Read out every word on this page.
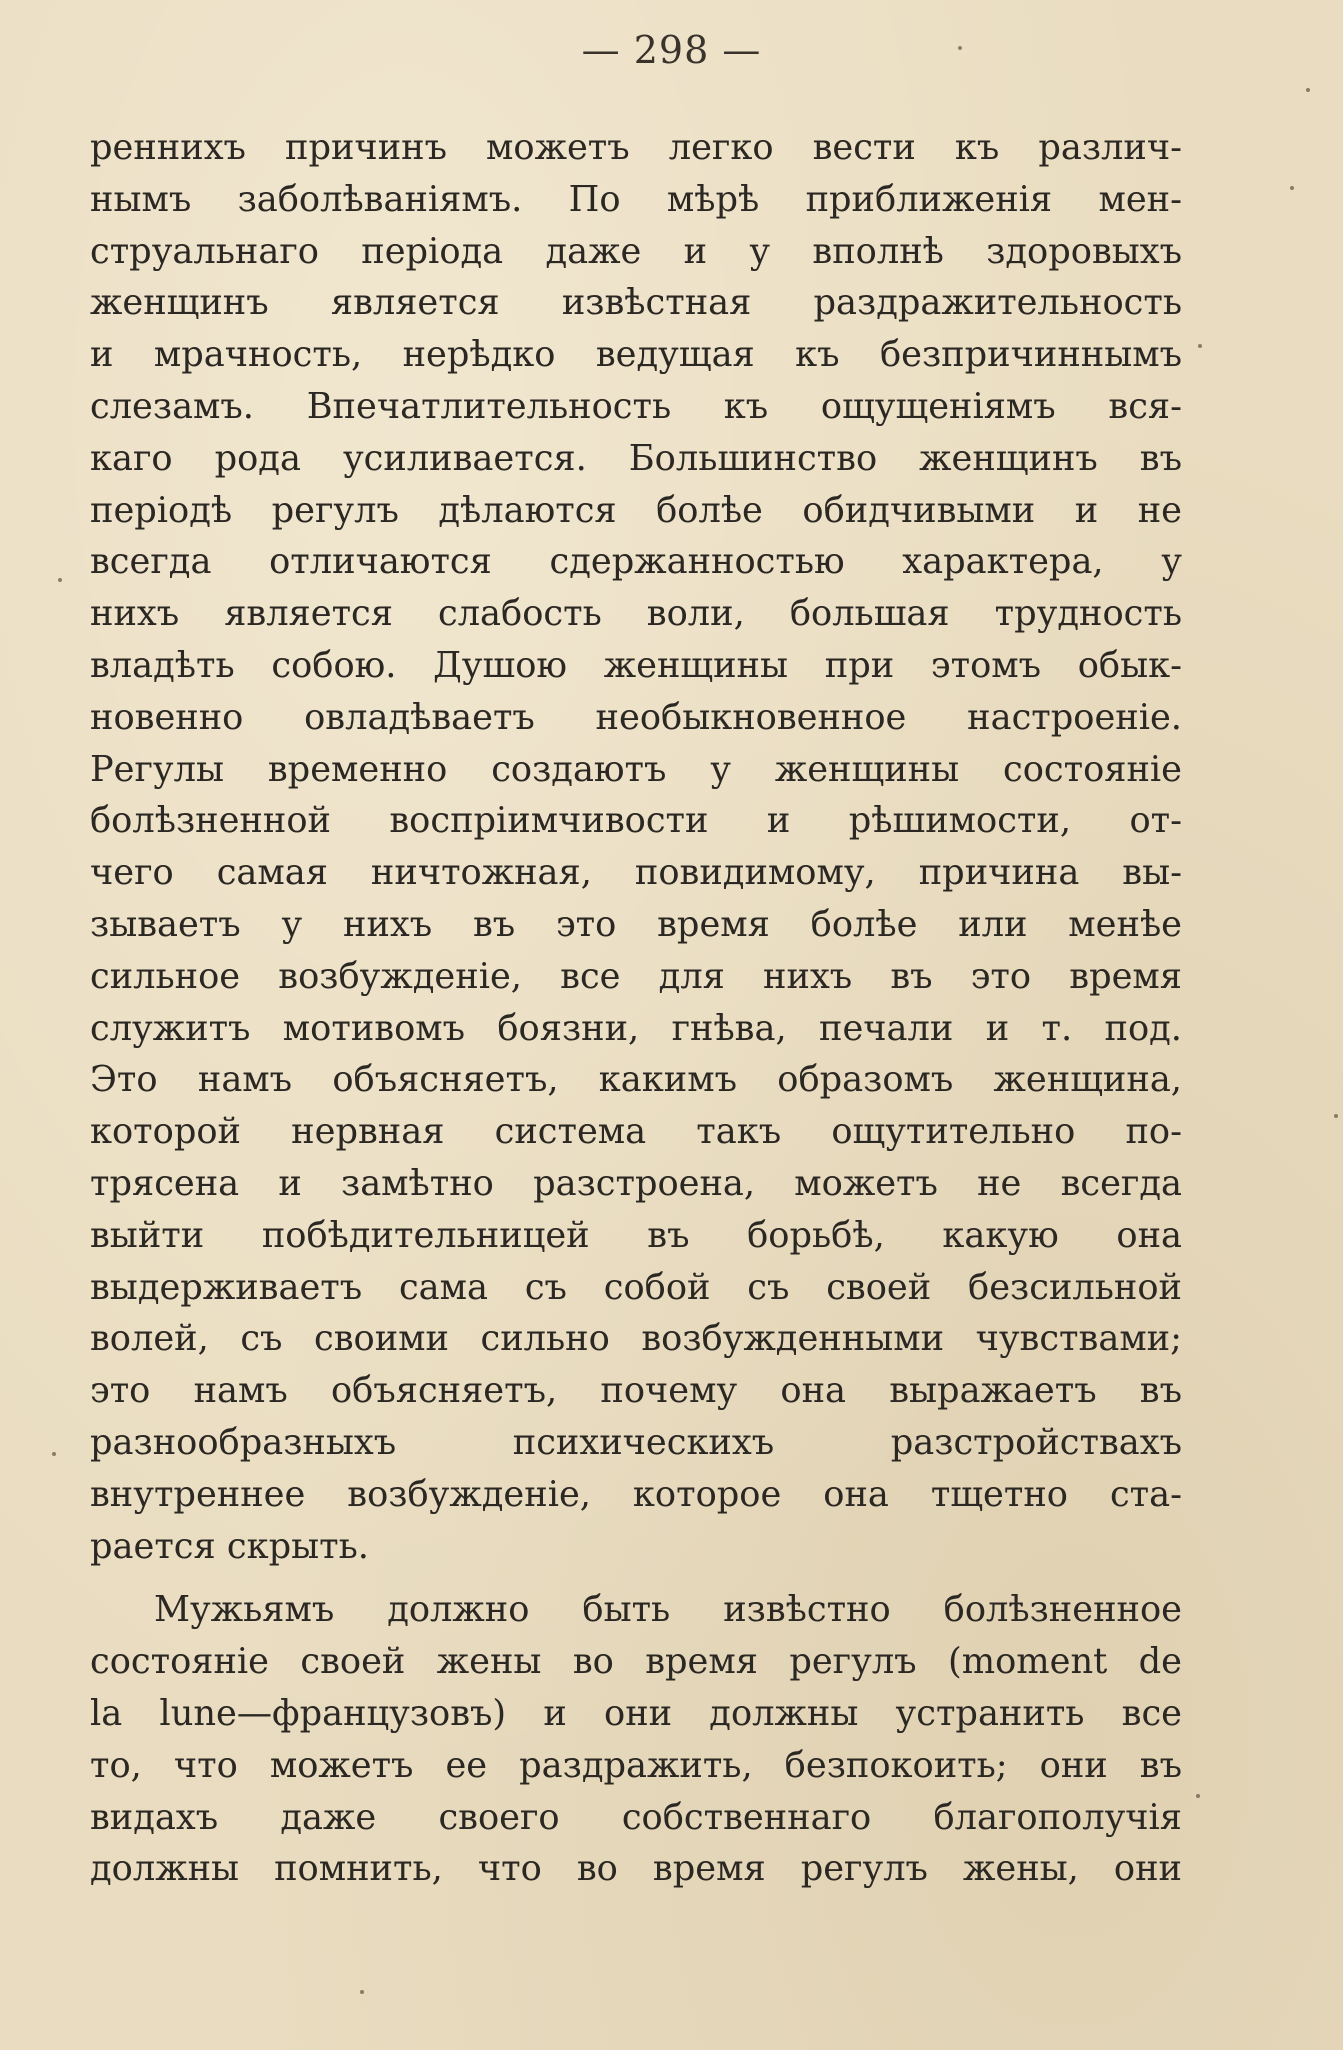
— 298 —
реннихъ причинъ можетъ легко вести къ различ-
нымъ заболѣваніямъ. По мѣрѣ приближенія мен-
струальнаго періода даже и у вполнѣ здоровыхъ
женщинъ является извѣстная раздражительность
и мрачность, нерѣдко ведущая къ безпричиннымъ
слезамъ. Впечатлительность къ ощущеніямъ вся-
каго рода усиливается. Большинство женщинъ въ
періодѣ регулъ дѣлаются болѣе обидчивыми и не
всегда отличаются сдержанностью характера, у
нихъ является слабость воли, большая трудность
владѣть собою. Душою женщины при этомъ обык-
новенно овладѣваетъ необыкновенное настроеніе.
Регулы временно создаютъ у женщины состояніе
болѣзненной воспріимчивости и рѣшимости, от-
чего самая ничтожная, повидимому, причина вы-
зываетъ у нихъ въ это время болѣе или менѣе
сильное возбужденіе, все для нихъ въ это время
служитъ мотивомъ боязни, гнѣва, печали и т. под.
Это намъ объясняетъ, какимъ образомъ женщина,
которой нервная система такъ ощутительно по-
трясена и замѣтно разстроена, можетъ не всегда
выйти побѣдительницей въ борьбѣ, какую она
выдерживаетъ сама съ собой съ своей безсильной
волей, съ своими сильно возбужденными чувствами;
это намъ объясняетъ, почему она выражаетъ въ
разнообразныхъ психическихъ разстройствахъ
внутреннее возбужденіе, которое она тщетно ста-
рается скрыть.
Мужьямъ должно быть извѣстно болѣзненное
состояніе своей жены во время регулъ (moment de
la lune—французовъ) и они должны устранить все
то, что можетъ ее раздражить, безпокоить; они въ
видахъ даже своего собственнаго благополучія
должны помнить, что во время регулъ жены, они
